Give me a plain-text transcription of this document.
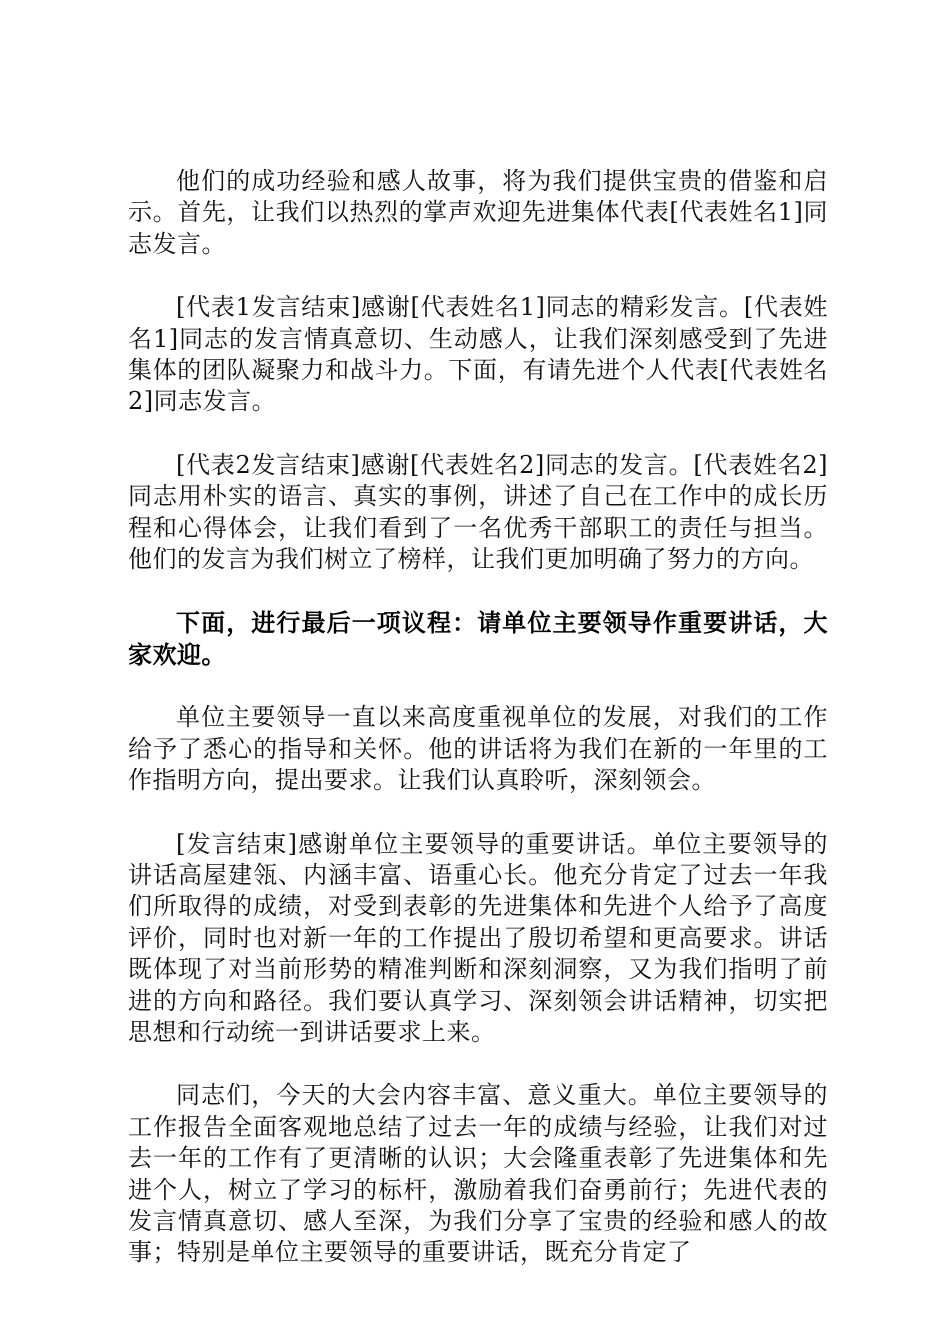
他们的成功经验和感人故事，将为我们提供宝贵的借鉴和启示。首先，让我们以热烈的掌声欢迎先进集体代表[代表姓名1]同志发言。

[代表1发言结束]感谢[代表姓名1]同志的精彩发言。[代表姓名1]同志的发言情真意切、生动感人，让我们深刻感受到了先进集体的团队凝聚力和战斗力。下面，有请先进个人代表[代表姓名2]同志发言。

[代表2发言结束]感谢[代表姓名2]同志的发言。[代表姓名2]同志用朴实的语言、真实的事例，讲述了自己在工作中的成长历程和心得体会，让我们看到了一名优秀干部职工的责任与担当。他们的发言为我们树立了榜样，让我们更加明确了努力的方向。

下面，进行最后一项议程：请单位主要领导作重要讲话，大家欢迎。

单位主要领导一直以来高度重视单位的发展，对我们的工作给予了悉心的指导和关怀。他的讲话将为我们在新的一年里的工作指明方向，提出要求。让我们认真聆听，深刻领会。

[发言结束]感谢单位主要领导的重要讲话。单位主要领导的讲话高屋建瓴、内涵丰富、语重心长。他充分肯定了过去一年我们所取得的成绩，对受到表彰的先进集体和先进个人给予了高度评价，同时也对新一年的工作提出了殷切希望和更高要求。讲话既体现了对当前形势的精准判断和深刻洞察，又为我们指明了前进的方向和路径。我们要认真学习、深刻领会讲话精神，切实把思想和行动统一到讲话要求上来。

同志们，今天的大会内容丰富、意义重大。单位主要领导的工作报告全面客观地总结了过去一年的成绩与经验，让我们对过去一年的工作有了更清晰的认识；大会隆重表彰了先进集体和先进个人，树立了学习的标杆，激励着我们奋勇前行；先进代表的发言情真意切、感人至深，为我们分享了宝贵的经验和感人的故事；特别是单位主要领导的重要讲话，既充分肯定了
